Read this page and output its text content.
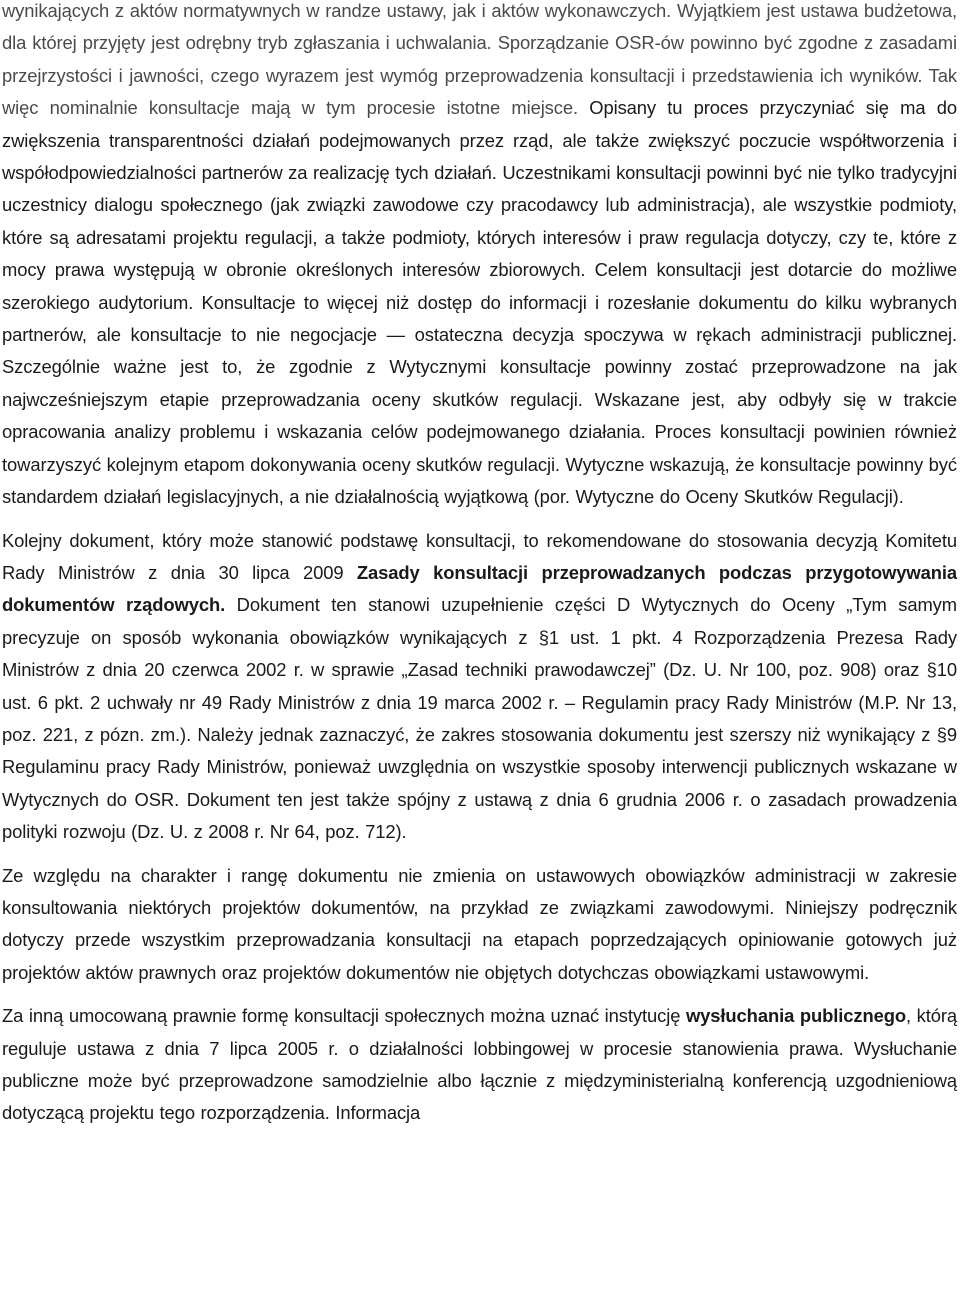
wynikających z aktów normatywnych w randze ustawy, jak i aktów wykonawczych. Wyjątkiem jest ustawa budżetowa, dla której przyjęty jest odrębny tryb zgłaszania i uchwalania. Sporządzanie OSR-ów powinno być zgodne z zasadami przejrzystości i jawności, czego wyrazem jest wymóg przeprowadzenia konsultacji i przedstawienia ich wyników. Tak więc nominalnie konsultacje mają w tym procesie istotne miejsce. Opisany tu proces przyczyniać się ma do zwiększenia transparentności działań podejmowanych przez rząd, ale także zwiększyć poczucie współtworzenia i współodpowiedzialności partnerów za realizację tych działań. Uczestnikami konsultacji powinni być nie tylko tradycyjni uczestnicy dialogu społecznego (jak związki zawodowe czy pracodawcy lub administracja), ale wszystkie podmioty, które są adresatami projektu regulacji, a także podmioty, których interesów i praw regulacja dotyczy, czy te, które z mocy prawa występują w obronie określonych interesów zbiorowych. Celem konsultacji jest dotarcie do możliwe szerokiego audytorium. Konsultacje to więcej niż dostęp do informacji i rozesłanie dokumentu do kilku wybranych partnerów, ale konsultacje to nie negocjacje — ostateczna decyzja spoczywa w rękach administracji publicznej. Szczególnie ważne jest to, że zgodnie z Wytycznymi konsultacje powinny zostać przeprowadzone na jak najwcześniejszym etapie przeprowadzania oceny skutków regulacji. Wskazane jest, aby odbyły się w trakcie opracowania analizy problemu i wskazania celów podejmowanego działania. Proces konsultacji powinien również towarzyszyć kolejnym etapom dokonywania oceny skutków regulacji. Wytyczne wskazują, że konsultacje powinny być standardem działań legislacyjnych, a nie działalnością wyjątkową (por. Wytyczne do Oceny Skutków Regulacji).

Kolejny dokument, który może stanowić podstawę konsultacji, to rekomendowane do stosowania decyzją Komitetu Rady Ministrów z dnia 30 lipca 2009 Zasady konsultacji przeprowadzanych podczas przygotowywania dokumentów rządowych. Dokument ten stanowi uzupełnienie części D Wytycznych do Oceny „Tym samym precyzuje on sposób wykonania obowiązków wynikających z §1 ust. 1 pkt. 4 Rozporządzenia Prezesa Rady Ministrów z dnia 20 czerwca 2002 r. w sprawie „Zasad techniki prawodawczej” (Dz. U. Nr 100, poz. 908) oraz §10 ust. 6 pkt. 2 uchwały nr 49 Rady Ministrów z dnia 19 marca 2002 r. – Regulamin pracy Rady Ministrów (M.P. Nr 13, poz. 221, z pózn. zm.). Należy jednak zaznaczyć, że zakres stosowania dokumentu jest szerszy niż wynikający z §9 Regulaminu pracy Rady Ministrów, ponieważ uwzględnia on wszystkie sposoby interwencji publicznych wskazane w Wytycznych do OSR. Dokument ten jest także spójny z ustawą z dnia 6 grudnia 2006 r. o zasadach prowadzenia polityki rozwoju (Dz. U. z 2008 r. Nr 64, poz. 712).

Ze względu na charakter i rangę dokumentu nie zmienia on ustawowych obowiązków administracji w zakresie konsultowania niektórych projektów dokumentów, na przykład ze związkami zawodowymi. Niniejszy podręcznik dotyczy przede wszystkim przeprowadzania konsultacji na etapach poprzedzających opiniowanie gotowych już projektów aktów prawnych oraz projektów dokumentów nie objętych dotychczas obowiązkami ustawowymi.

Za inną umocowaną prawnie formę konsultacji społecznych można uznać instytucję wysłuchania publicznego, którą reguluje ustawa z dnia 7 lipca 2005 r. o działalności lobbingowej w procesie stanowienia prawa. Wysłuchanie publiczne może być przeprowadzone samodzielnie albo łącznie z międzyministerialną konferencją uzgodnieniową dotyczącą projektu tego rozporządzenia. Informacja
